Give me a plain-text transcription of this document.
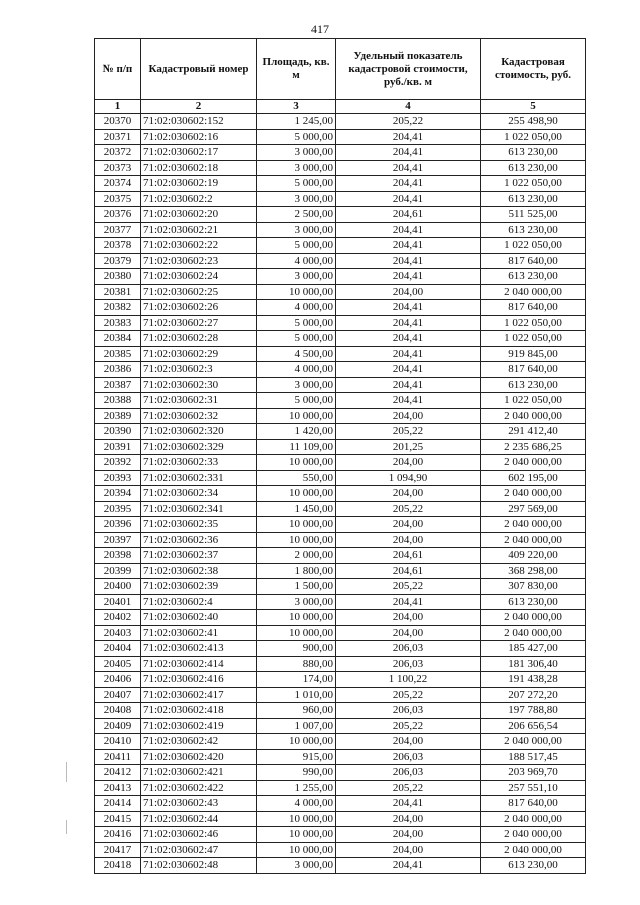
417
№ п/п	Кадастровый номер	Площадь, кв. м	Удельный показатель кадастровой стоимости, руб./кв. м	Кадастровая стоимость, руб.
1	2	3	4	5
20370	71:02:030602:152	1 245,00	205,22	255 498,90
20371	71:02:030602:16	5 000,00	204,41	1 022 050,00
20372	71:02:030602:17	3 000,00	204,41	613 230,00
20373	71:02:030602:18	3 000,00	204,41	613 230,00
20374	71:02:030602:19	5 000,00	204,41	1 022 050,00
20375	71:02:030602:2	3 000,00	204,41	613 230,00
20376	71:02:030602:20	2 500,00	204,61	511 525,00
20377	71:02:030602:21	3 000,00	204,41	613 230,00
20378	71:02:030602:22	5 000,00	204,41	1 022 050,00
20379	71:02:030602:23	4 000,00	204,41	817 640,00
20380	71:02:030602:24	3 000,00	204,41	613 230,00
20381	71:02:030602:25	10 000,00	204,00	2 040 000,00
20382	71:02:030602:26	4 000,00	204,41	817 640,00
20383	71:02:030602:27	5 000,00	204,41	1 022 050,00
20384	71:02:030602:28	5 000,00	204,41	1 022 050,00
20385	71:02:030602:29	4 500,00	204,41	919 845,00
20386	71:02:030602:3	4 000,00	204,41	817 640,00
20387	71:02:030602:30	3 000,00	204,41	613 230,00
20388	71:02:030602:31	5 000,00	204,41	1 022 050,00
20389	71:02:030602:32	10 000,00	204,00	2 040 000,00
20390	71:02:030602:320	1 420,00	205,22	291 412,40
20391	71:02:030602:329	11 109,00	201,25	2 235 686,25
20392	71:02:030602:33	10 000,00	204,00	2 040 000,00
20393	71:02:030602:331	550,00	1 094,90	602 195,00
20394	71:02:030602:34	10 000,00	204,00	2 040 000,00
20395	71:02:030602:341	1 450,00	205,22	297 569,00
20396	71:02:030602:35	10 000,00	204,00	2 040 000,00
20397	71:02:030602:36	10 000,00	204,00	2 040 000,00
20398	71:02:030602:37	2 000,00	204,61	409 220,00
20399	71:02:030602:38	1 800,00	204,61	368 298,00
20400	71:02:030602:39	1 500,00	205,22	307 830,00
20401	71:02:030602:4	3 000,00	204,41	613 230,00
20402	71:02:030602:40	10 000,00	204,00	2 040 000,00
20403	71:02:030602:41	10 000,00	204,00	2 040 000,00
20404	71:02:030602:413	900,00	206,03	185 427,00
20405	71:02:030602:414	880,00	206,03	181 306,40
20406	71:02:030602:416	174,00	1 100,22	191 438,28
20407	71:02:030602:417	1 010,00	205,22	207 272,20
20408	71:02:030602:418	960,00	206,03	197 788,80
20409	71:02:030602:419	1 007,00	205,22	206 656,54
20410	71:02:030602:42	10 000,00	204,00	2 040 000,00
20411	71:02:030602:420	915,00	206,03	188 517,45
20412	71:02:030602:421	990,00	206,03	203 969,70
20413	71:02:030602:422	1 255,00	205,22	257 551,10
20414	71:02:030602:43	4 000,00	204,41	817 640,00
20415	71:02:030602:44	10 000,00	204,00	2 040 000,00
20416	71:02:030602:46	10 000,00	204,00	2 040 000,00
20417	71:02:030602:47	10 000,00	204,00	2 040 000,00
20418	71:02:030602:48	3 000,00	204,41	613 230,00
